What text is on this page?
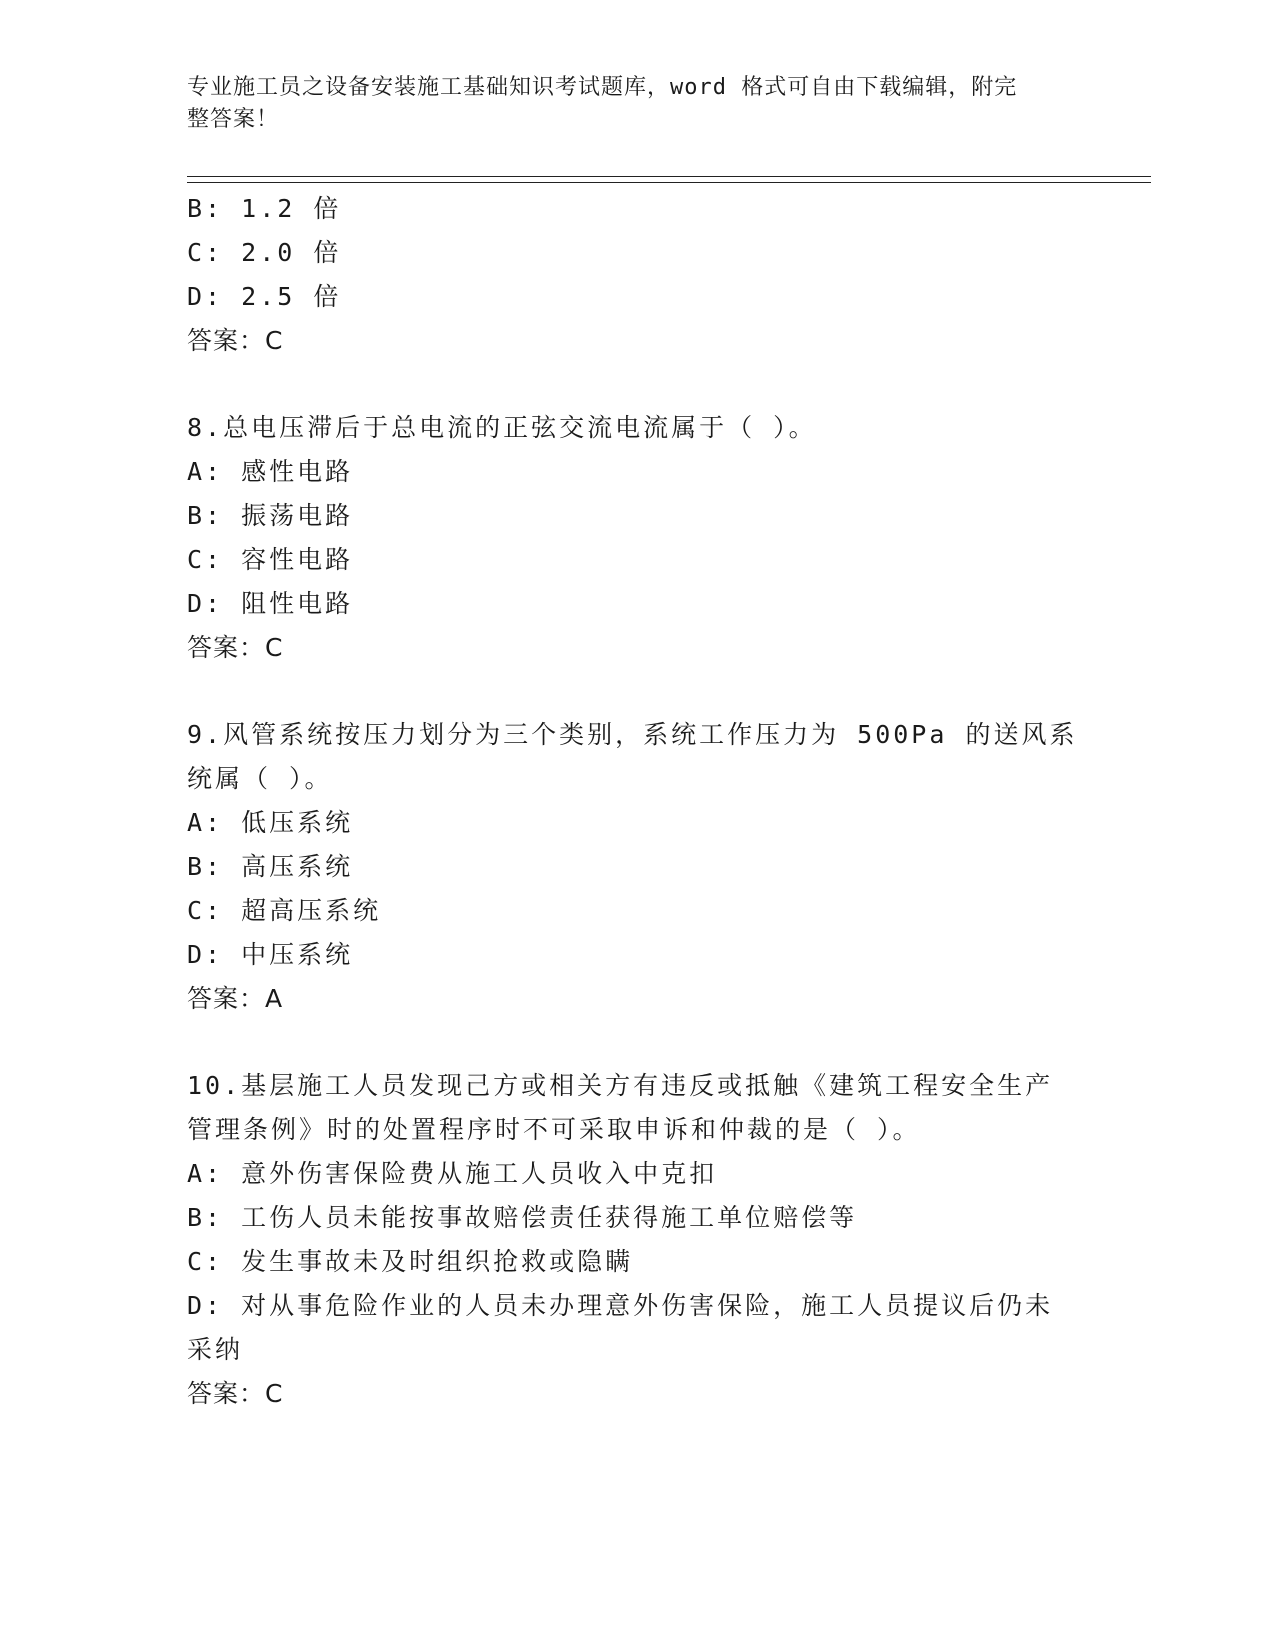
专业施工员之设备安装施工基础知识考试题库，word 格式可自由下载编辑，附完
整答案！
B: 1.2 倍
C: 2.0 倍
D: 2.5 倍
答案：C
8.总电压滞后于总电流的正弦交流电流属于（ ）。
A: 感性电路
B: 振荡电路
C: 容性电路
D: 阻性电路
答案：C
9.风管系统按压力划分为三个类别，系统工作压力为 500Pa 的送风系
统属（ ）。
A: 低压系统
B: 高压系统
C: 超高压系统
D: 中压系统
答案：A
10.基层施工人员发现己方或相关方有违反或抵触《建筑工程安全生产
管理条例》时的处置程序时不可采取申诉和仲裁的是（ ）。
A: 意外伤害保险费从施工人员收入中克扣
B: 工伤人员未能按事故赔偿责任获得施工单位赔偿等
C: 发生事故未及时组织抢救或隐瞒
D: 对从事危险作业的人员未办理意外伤害保险，施工人员提议后仍未
采纳
答案：C
